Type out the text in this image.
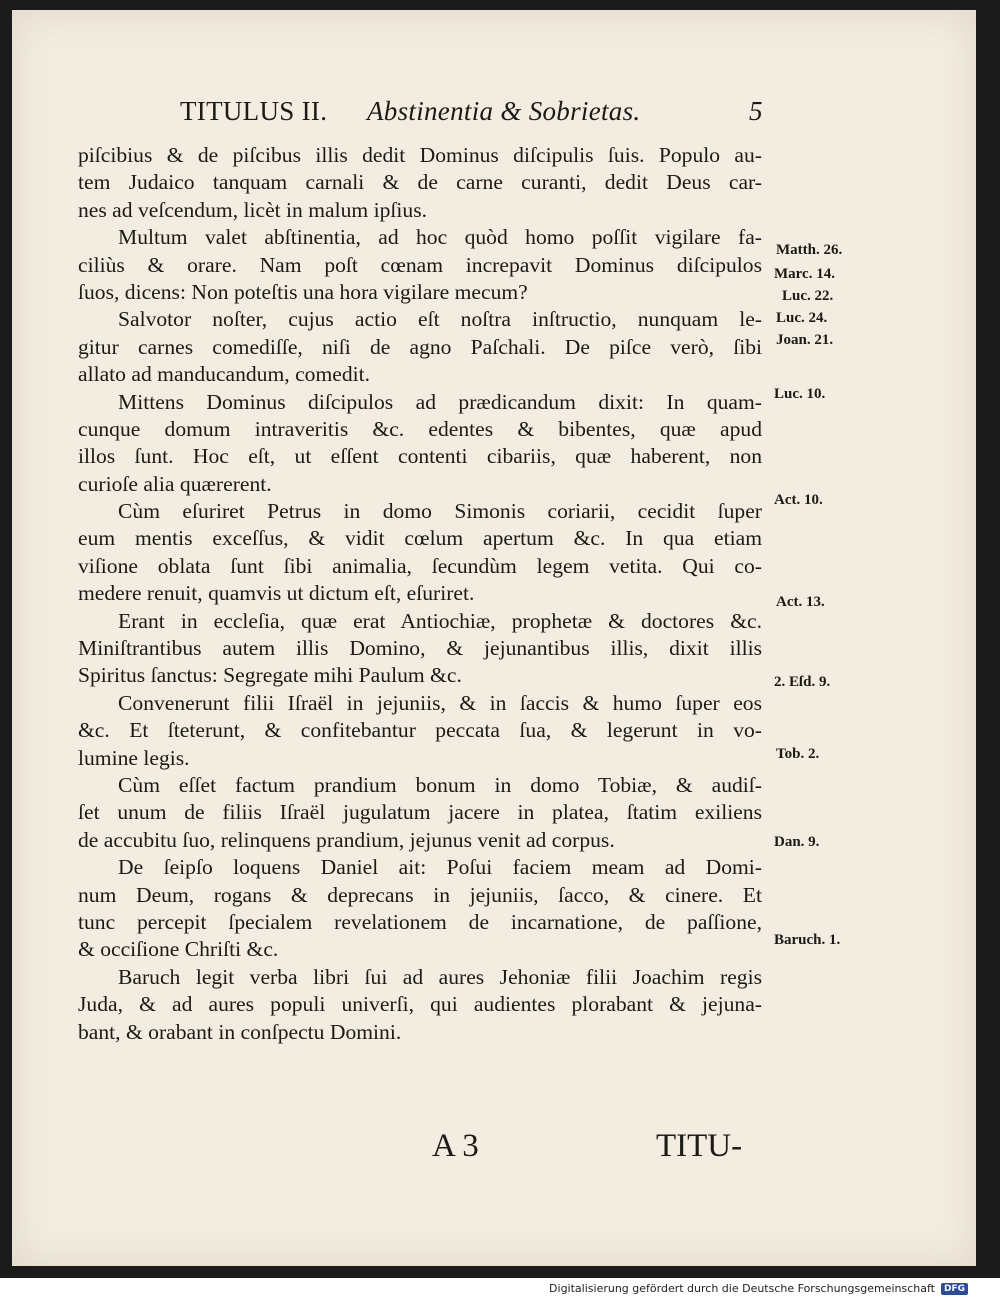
TITULUS II. Abstinentia & Sobrietas.	5
piſcibius & de piſcibus illis dedit Dominus diſcipulis ſuis. Populo au-
tem Judaico tanquam carnali & de carne curanti, dedit Deus car-
nes ad veſcendum, licèt in malum ipſius.
Multum valet abſtinentia, ad hoc quòd homo poſſit vigilare fa-
ciliùs & orare. Nam poſt cœnam increpavit Dominus diſcipulos
ſuos, dicens: Non poteſtis una hora vigilare mecum?
Salvotor noſter, cujus actio eſt noſtra inſtructio, nunquam le-
gitur carnes comediſſe, niſi de agno Paſchali. De piſce verò, ſibi
allato ad manducandum, comedit.
Mittens Dominus diſcipulos ad prædicandum dixit: In quam-
cunque domum intraveritis &c. edentes & bibentes, quæ apud
illos ſunt. Hoc eſt, ut eſſent contenti cibariis, quæ haberent, non
curioſe alia quærerent.
Cùm eſuriret Petrus in domo Simonis coriarii, cecidit ſuper
eum mentis exceſſus, & vidit cœlum apertum &c. In qua etiam
viſione oblata ſunt ſibi animalia, ſecundùm legem vetita. Qui co-
medere renuit, quamvis ut dictum eſt, eſuriret.
Erant in eccleſia, quæ erat Antiochiæ, prophetæ & doctores &c.
Miniſtrantibus autem illis Domino, & jejunantibus illis, dixit illis
Spiritus ſanctus: Segregate mihi Paulum &c.
Convenerunt filii Iſraël in jejuniis, & in ſaccis & humo ſuper eos
&c. Et ſteterunt, & confitebantur peccata ſua, & legerunt in vo-
lumine legis.
Cùm eſſet factum prandium bonum in domo Tobiæ, & audiſ-
ſet unum de filiis Iſraël jugulatum jacere in platea, ſtatim exiliens
de accubitu ſuo, relinquens prandium, jejunus venit ad corpus.
De ſeipſo loquens Daniel ait: Poſui faciem meam ad Domi-
num Deum, rogans & deprecans in jejuniis, ſacco, & cinere. Et
tunc percepit ſpecialem revelationem de incarnatione, de paſſione,
& occiſione Chriſti &c.
Baruch legit verba libri ſui ad aures Jehoniæ filii Joachim regis
Juda, & ad aures populi univerſi, qui audientes plorabant & jejuna-
bant, & orabant in conſpectu Domini.
Matth. 26.
Marc. 14.
Luc. 22.
Luc. 24.
Joan. 21.
Luc. 10.
Act. 10.
Act. 13.
2. Eſd. 9.
Tob. 2.
Dan. 9.
Baruch. 1.
A 3	TITU-
Digitalisierung gefördert durch die Deutsche Forschungsgemeinschaft	DFG
